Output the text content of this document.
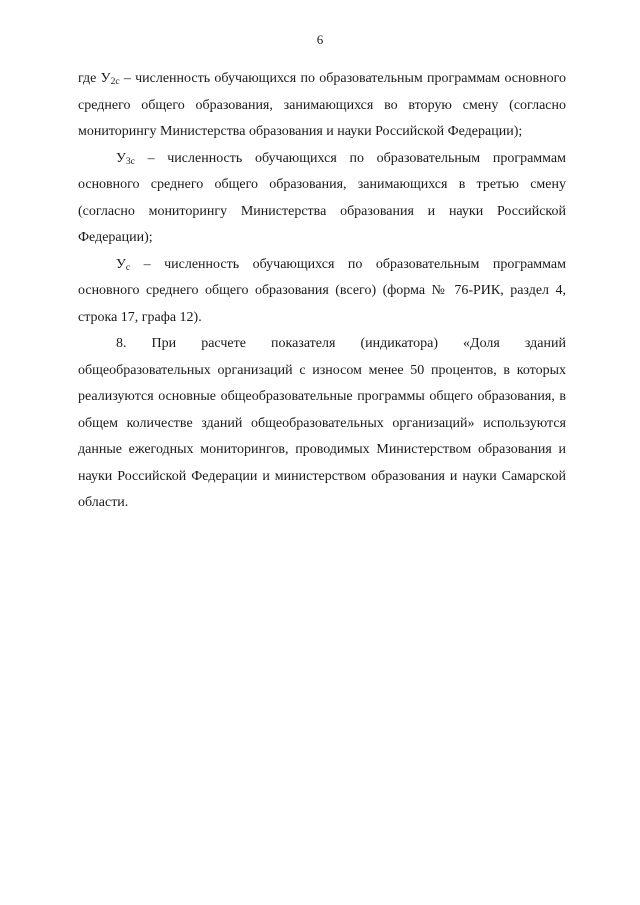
6

где $У_{2с}$ – численность обучающихся по образовательным программам основного среднего общего образования, занимающихся во вторую смену (согласно мониторингу Министерства образования и науки Российской Федерации);

$У_{3с}$ – численность обучающихся по образовательным программам основного среднего общего образования, занимающихся в третью смену (согласно мониторингу Министерства образования и науки Российской Федерации);

$У_с$ – численность обучающихся по образовательным программам основного среднего общего образования (всего) (форма № 76-РИК, раздел 4, строка 17, графа 12).

8. При расчете показателя (индикатора) «Доля зданий общеобразовательных организаций с износом менее 50 процентов, в которых реализуются основные общеобразовательные программы общего образования, в общем количестве зданий общеобразовательных организаций» используются данные ежегодных мониторингов, проводимых Министерством образования и науки Российской Федерации и министерством образования и науки Самарской области.
